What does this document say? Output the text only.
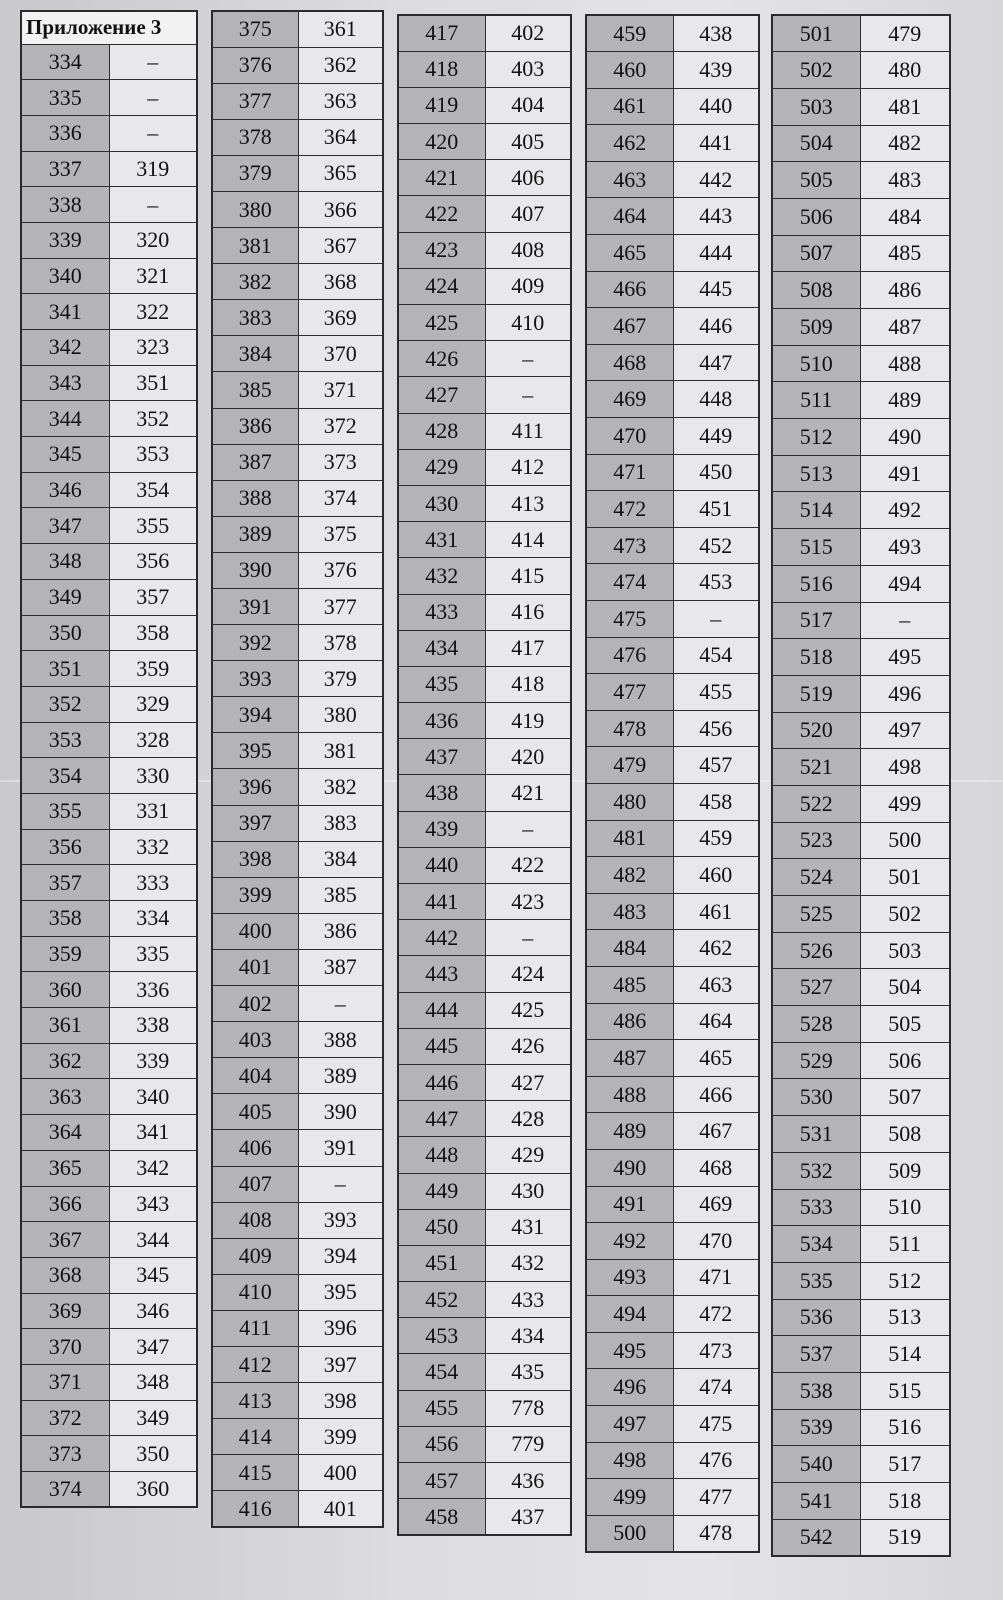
Приложение 3	
334	–
335	–
336	–
337	319
338	–
339	320
340	321
341	322
342	323
343	351
344	352
345	353
346	354
347	355
348	356
349	357
350	358
351	359
352	329
353	328
354	330
355	331
356	332
357	333
358	334
359	335
360	336
361	338
362	339
363	340
364	341
365	342
366	343
367	344
368	345
369	346
370	347
371	348
372	349
373	350
374	360
375	361
376	362
377	363
378	364
379	365
380	366
381	367
382	368
383	369
384	370
385	371
386	372
387	373
388	374
389	375
390	376
391	377
392	378
393	379
394	380
395	381
396	382
397	383
398	384
399	385
400	386
401	387
402	–
403	388
404	389
405	390
406	391
407	–
408	393
409	394
410	395
411	396
412	397
413	398
414	399
415	400
416	401
417	402
418	403
419	404
420	405
421	406
422	407
423	408
424	409
425	410
426	–
427	–
428	411
429	412
430	413
431	414
432	415
433	416
434	417
435	418
436	419
437	420
438	421
439	–
440	422
441	423
442	–
443	424
444	425
445	426
446	427
447	428
448	429
449	430
450	431
451	432
452	433
453	434
454	435
455	778
456	779
457	436
458	437
459	438
460	439
461	440
462	441
463	442
464	443
465	444
466	445
467	446
468	447
469	448
470	449
471	450
472	451
473	452
474	453
475	–
476	454
477	455
478	456
479	457
480	458
481	459
482	460
483	461
484	462
485	463
486	464
487	465
488	466
489	467
490	468
491	469
492	470
493	471
494	472
495	473
496	474
497	475
498	476
499	477
500	478
501	479
502	480
503	481
504	482
505	483
506	484
507	485
508	486
509	487
510	488
511	489
512	490
513	491
514	492
515	493
516	494
517	–
518	495
519	496
520	497
521	498
522	499
523	500
524	501
525	502
526	503
527	504
528	505
529	506
530	507
531	508
532	509
533	510
534	511
535	512
536	513
537	514
538	515
539	516
540	517
541	518
542	519
